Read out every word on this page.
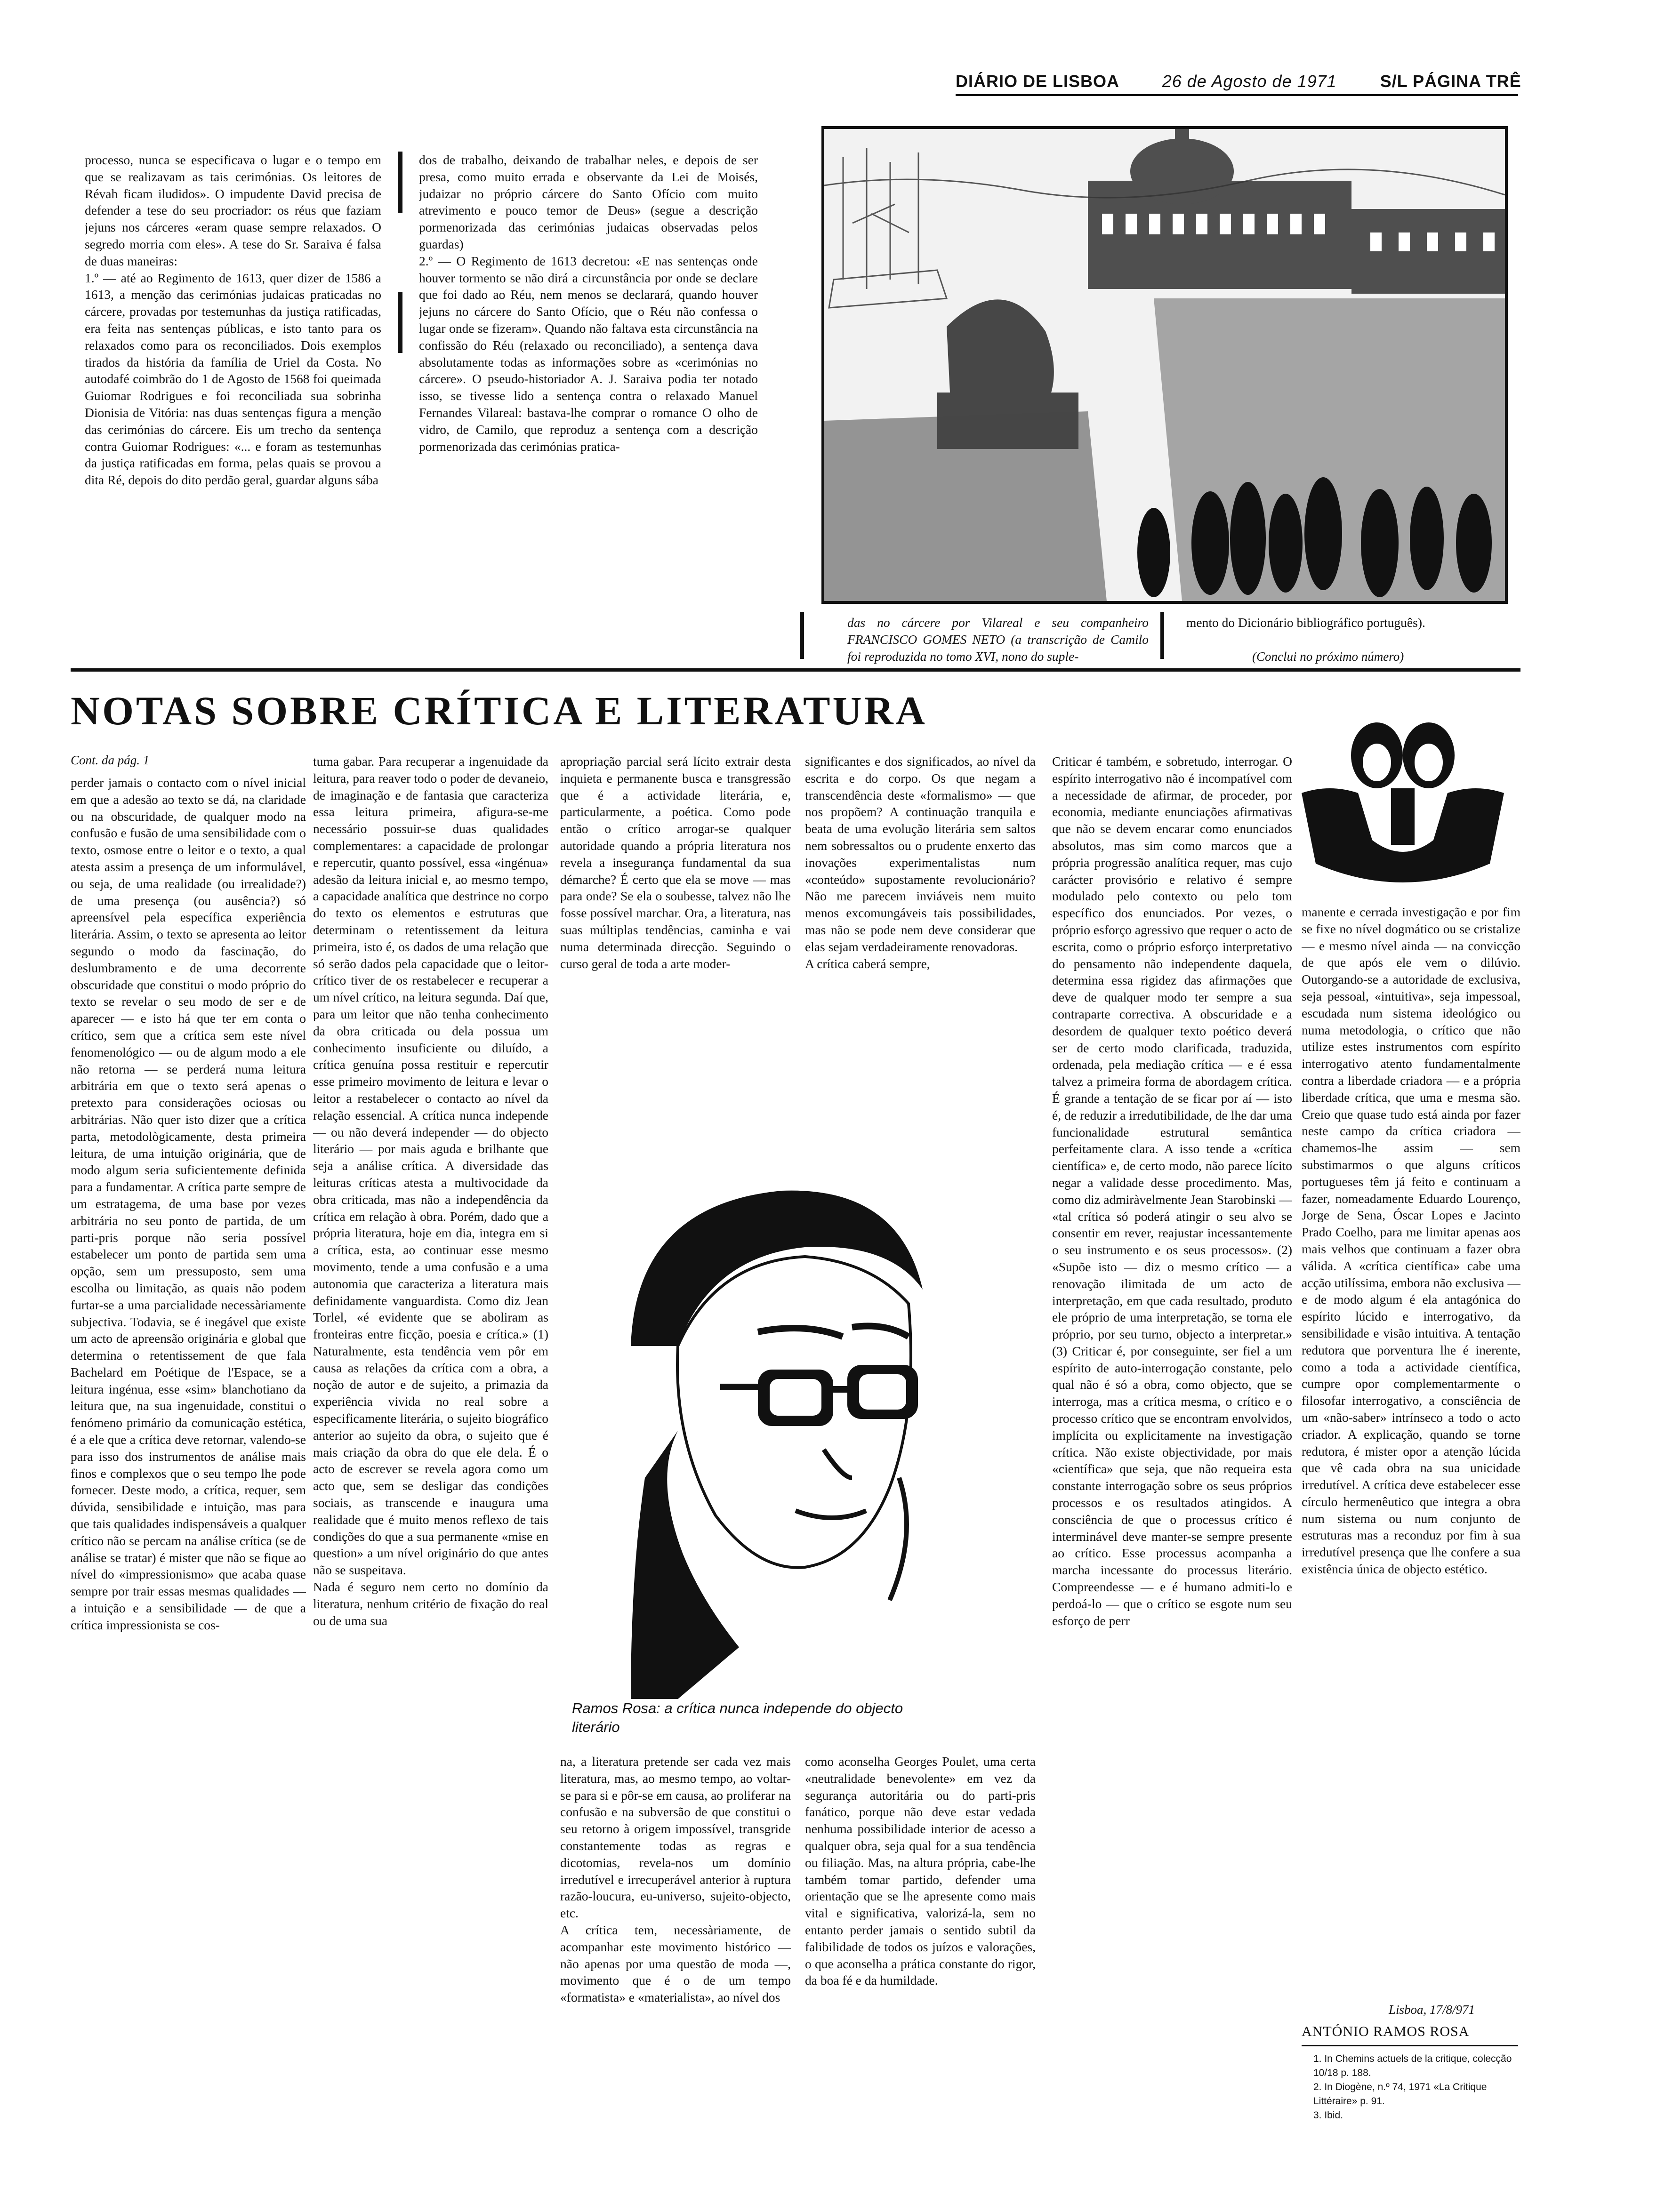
DIÁRIO DE LISBOA	26 de Agosto de 1971	S/L PÁGINA TRÊ
processo, nunca se especificava o lugar e o tempo em que se realizavam as tais cerimónias. Os leitores de Révah ficam iludidos». O impudente David precisa de defender a tese do seu procriador: os réus que faziam jejuns nos cárceres «eram quase sempre relaxados. O segredo morria com eles». A tese do Sr. Saraiva é falsa de duas maneiras:
1.º — até ao Regimento de 1613, quer dizer de 1586 a 1613, a menção das cerimónias judaicas praticadas no cárcere, provadas por testemunhas da justiça ratificadas, era feita nas sentenças públicas, e isto tanto para os relaxados como para os reconciliados. Dois exemplos tirados da história da família de Uriel da Costa. No autodafé coimbrão do 1 de Agosto de 1568 foi queimada Guiomar Rodrigues e foi reconciliada sua sobrinha Dionisia de Vitória: nas duas sentenças figura a menção das cerimónias do cárcere. Eis um trecho da sentença contra Guiomar Rodrigues: «... e foram as testemunhas da justiça ratificadas em forma, pelas quais se provou a dita Ré, depois do dito perdão geral, guardar alguns sába
dos de trabalho, deixando de trabalhar neles, e depois de ser presa, como muito errada e observante da Lei de Moisés, judaizar no próprio cárcere do Santo Ofício com muito atrevimento e pouco temor de Deus» (segue a descrição pormenorizada das cerimónias judaicas observadas pelos guardas)
2.º — O Regimento de 1613 decretou: «E nas sentenças onde houver tormento se não dirá a circunstância por onde se declare que foi dado ao Réu, nem menos se declarará, quando houver jejuns no cárcere do Santo Ofício, que o Réu não confessa o lugar onde se fizeram». Quando não faltava esta circunstância na confissão do Réu (relaxado ou reconciliado), a sentença dava absolutamente todas as informações sobre as «cerimónias no cárcere». O pseudo-historiador A. J. Saraiva podia ter notado isso, se tivesse lido a sentença contra o relaxado Manuel Fernandes Vilareal: bastava-lhe comprar o romance O olho de vidro, de Camilo, que reproduz a sentença com a descrição pormenorizada das cerimónias pratica-
das no cárcere por Vilareal e seu companheiro FRANCISCO GOMES NETO (a transcrição de Camilo foi reproduzida no tomo XVI, nono do suple-
mento do Dicionário bibliográfico português).
(Conclui no próximo número)
NOTAS SOBRE CRÍTICA E LITERATURA
Cont. da pág. 1
perder jamais o contacto com o nível inicial em que a adesão ao texto se dá, na claridade ou na obscuridade, de qualquer modo na confusão e fusão de uma sensibilidade com o texto, osmose entre o leitor e o texto, a qual atesta assim a presença de um informulável, ou seja, de uma realidade (ou irrealidade?) de uma presença (ou ausência?) só apreensível pela específica experiência literária. Assim, o texto se apresenta ao leitor segundo o modo da fascinação, do deslumbramento e de uma decorrente obscuridade que constitui o modo próprio do texto se revelar o seu modo de ser e de aparecer — e isto há que ter em conta o crítico, sem que a crítica sem este nível fenomenológico — ou de algum modo a ele não retorna — se perderá numa leitura arbitrária em que o texto será apenas o pretexto para considerações ociosas ou arbitrárias. Não quer isto dizer que a crítica parta, metodològicamente, desta primeira leitura, de uma intuição originária, que de modo algum seria suficientemente definida para a fundamentar. A crítica parte sempre de um estratagema, de uma base por vezes arbitrária no seu ponto de partida, de um parti-pris porque não seria possível estabelecer um ponto de partida sem uma opção, sem um pressuposto, sem uma escolha ou limitação, as quais não podem furtar-se a uma parcialidade necessàriamente subjectiva. Todavia, se é inegável que existe um acto de apreensão originária e global que determina o retentissement de que fala Bachelard em Poétique de l'Espace, se a leitura ingénua, esse «sim» blanchotiano da leitura que, na sua ingenuidade, constitui o fenómeno primário da comunicação estética, é a ele que a crítica deve retornar, valendo-se para isso dos instrumentos de análise mais finos e complexos que o seu tempo lhe pode fornecer. Deste modo, a crítica, requer, sem dúvida, sensibilidade e intuição, mas para que tais qualidades indispensáveis a qualquer crítico não se percam na análise crítica (se de análise se tratar) é mister que não se fique ao nível do «impressionismo» que acaba quase sempre por trair essas mesmas qualidades — a intuição e a sensibilidade — de que a crítica impressionista se cos-
tuma gabar. Para recuperar a ingenuidade da leitura, para reaver todo o poder de devaneio, de imaginação e de fantasia que caracteriza essa leitura primeira, afigura-se-me necessário possuir-se duas qualidades complementares: a capacidade de prolongar e repercutir, quanto possível, essa «ingénua» adesão da leitura inicial e, ao mesmo tempo, a capacidade analítica que destrince no corpo do texto os elementos e estruturas que determinam o retentissement da leitura primeira, isto é, os dados de uma relação que só serão dados pela capacidade que o leitor-crítico tiver de os restabelecer e recuperar a um nível crítico, na leitura segunda. Daí que, para um leitor que não tenha conhecimento da obra criticada ou dela possua um conhecimento insuficiente ou diluído, a crítica genuína possa restituir e repercutir esse primeiro movimento de leitura e levar o leitor a restabelecer o contacto ao nível da relação essencial. A crítica nunca independe — ou não deverá independer — do objecto literário — por mais aguda e brilhante que seja a análise crítica. A diversidade das leituras críticas atesta a multivocidade da obra criticada, mas não a independência da crítica em relação à obra. Porém, dado que a própria literatura, hoje em dia, integra em si a crítica, esta, ao continuar esse mesmo movimento, tende a uma confusão e a uma autonomia que caracteriza a literatura mais definidamente vanguardista. Como diz Jean Torlel, «é evidente que se aboliram as fronteiras entre ficção, poesia e crítica.» (1) Naturalmente, esta tendência vem pôr em causa as relações da crítica com a obra, a noção de autor e de sujeito, a primazia da experiência vivida no real sobre a especificamente literária, o sujeito biográfico anterior ao sujeito da obra, o sujeito que é mais criação da obra do que ele dela. É o acto de escrever se revela agora como um acto que, sem se desligar das condições sociais, as transcende e inaugura uma realidade que é muito menos reflexo de tais condições do que a sua permanente «mise en question» a um nível originário do que antes não se suspeitava.
Nada é seguro nem certo no domínio da literatura, nenhum critério de fixação do real ou de uma sua
apropriação parcial será lícito extrair desta inquieta e permanente busca e transgressão que é a actividade literária, e, particularmente, a poética. Como pode então o crítico arrogar-se qualquer autoridade quando a própria literatura nos revela a insegurança fundamental da sua démarche? É certo que ela se move — mas para onde? Se ela o soubesse, talvez não lhe fosse possível marchar. Ora, a literatura, nas suas múltiplas tendências, caminha e vai numa determinada direcção. Seguindo o curso geral de toda a arte moder-
significantes e dos significados, ao nível da escrita e do corpo. Os que negam a transcendência deste «formalismo» — que nos propõem? A continuação tranquila e beata de uma evolução literária sem saltos nem sobressaltos ou o prudente enxerto das inovações experimentalistas num «conteúdo» supostamente revolucionário? Não me parecem inviáveis nem muito menos excomungáveis tais possibilidades, mas não se pode nem deve considerar que elas sejam verdadeiramente renovadoras.
A crítica caberá sempre,
Criticar é também, e sobretudo, interrogar. O espírito interrogativo não é incompatível com a necessidade de afirmar, de proceder, por economia, mediante enunciações afirmativas que não se devem encarar como enunciados absolutos, mas sim como marcos que a própria progressão analítica requer, mas cujo carácter provisório e relativo é sempre modulado pelo contexto ou pelo tom específico dos enunciados. Por vezes, o próprio esforço agressivo que requer o acto de escrita, como o próprio esforço interpretativo do pensamento não independente daquela, determina essa rigidez das afirmações que deve de qualquer modo ter sempre a sua contraparte correctiva. A obscuridade e a desordem de qualquer texto poético deverá ser de certo modo clarificada, traduzida, ordenada, pela mediação crítica — e é essa talvez a primeira forma de abordagem crítica. É grande a tentação de se ficar por aí — isto é, de reduzir a irredutibilidade, de lhe dar uma funcionalidade estrutural semântica perfeitamente clara. A isso tende a «crítica científica» e, de certo modo, não parece lícito negar a validade desse procedimento. Mas, como diz admiràvelmente Jean Starobinski — «tal crítica só poderá atingir o seu alvo se consentir em rever, reajustar incessantemente o seu instrumento e os seus processos». (2) «Supõe isto — diz o mesmo crítico — a renovação ilimitada de um acto de interpretação, em que cada resultado, produto ele próprio de uma interpretação, se torna ele próprio, por seu turno, objecto a interpretar.» (3) Criticar é, por conseguinte, ser fiel a um espírito de auto-interrogação constante, pelo qual não é só a obra, como objecto, que se interroga, mas a crítica mesma, o crítico e o processo crítico que se encontram envolvidos, implícita ou explicitamente na investigação crítica. Não existe objectividade, por mais «científica» que seja, que não requeira esta constante interrogação sobre os seus próprios processos e os resultados atingidos. A consciência de que o processus crítico é interminável deve manter-se sempre presente ao crítico. Esse processus acompanha a marcha incessante do processus literário. Compreendesse — e é humano admiti-lo e perdoá-lo — que o crítico se esgote num seu esforço de perr
manente e cerrada investigação e por fim se fixe no nível dogmático ou se cristalize — e mesmo nível ainda — na convicção de que após ele vem o dilúvio. Outorgando-se a autoridade de exclusiva, seja pessoal, «intuitiva», seja impessoal, escudada num sistema ideológico ou numa metodologia, o crítico que não utilize estes instrumentos com espírito interrogativo atento fundamentalmente contra a liberdade criadora — e a própria liberdade crítica, que uma e mesma são. Creio que quase tudo está ainda por fazer neste campo da crítica criadora — chamemos-lhe assim — sem substimarmos o que alguns críticos portugueses têm já feito e continuam a fazer, nomeadamente Eduardo Lourenço, Jorge de Sena, Óscar Lopes e Jacinto Prado Coelho, para me limitar apenas aos mais velhos que continuam a fazer obra válida. A «crítica científica» cabe uma acção utilíssima, embora não exclusiva — e de modo algum é ela antagónica do espírito lúcido e interrogativo, da sensibilidade e visão intuitiva. A tentação redutora que porventura lhe é inerente, como a toda a actividade científica, cumpre opor complementarmente o filosofar interrogativo, a consciência de um «não-saber» intrínseco a todo o acto criador. A explicação, quando se torne redutora, é mister opor a atenção lúcida que vê cada obra na sua unicidade irredutível. A crítica deve estabelecer esse círculo hermenêutico que integra a obra num sistema ou num conjunto de estruturas mas a reconduz por fim à sua irredutível presença que lhe confere a sua existência única de objecto estético.
Ramos Rosa: a crítica nunca independe do objecto literário
na, a literatura pretende ser cada vez mais literatura, mas, ao mesmo tempo, ao voltar-se para si e pôr-se em causa, ao proliferar na confusão e na subversão de que constitui o seu retorno à origem impossível, transgride constantemente todas as regras e dicotomias, revela-nos um domínio irredutível e irrecuperável anterior à ruptura razão-loucura, eu-universo, sujeito-objecto, etc.
A crítica tem, necessàriamente, de acompanhar este movimento histórico — não apenas por uma questão de moda —, movimento que é o de um tempo «formatista» e «materialista», ao nível dos
como aconselha Georges Poulet, uma certa «neutralidade benevolente» em vez da segurança autoritária ou do parti-pris fanático, porque não deve estar vedada nenhuma possibilidade interior de acesso a qualquer obra, seja qual for a sua tendência ou filiação. Mas, na altura própria, cabe-lhe também tomar partido, defender uma orientação que se lhe apresente como mais vital e significativa, valorizá-la, sem no entanto perder jamais o sentido subtil da falibilidade de todos os juízos e valorações, o que aconselha a prática constante do rigor, da boa fé e da humildade.
Lisboa, 17/8/971
ANTÓNIO RAMOS ROSA
1. In Chemins actuels de la critique, colecção 10/18 p. 188.
2. In Diogène, n.º 74, 1971 «La Critique Littéraire» p. 91.
3. Ibid.
